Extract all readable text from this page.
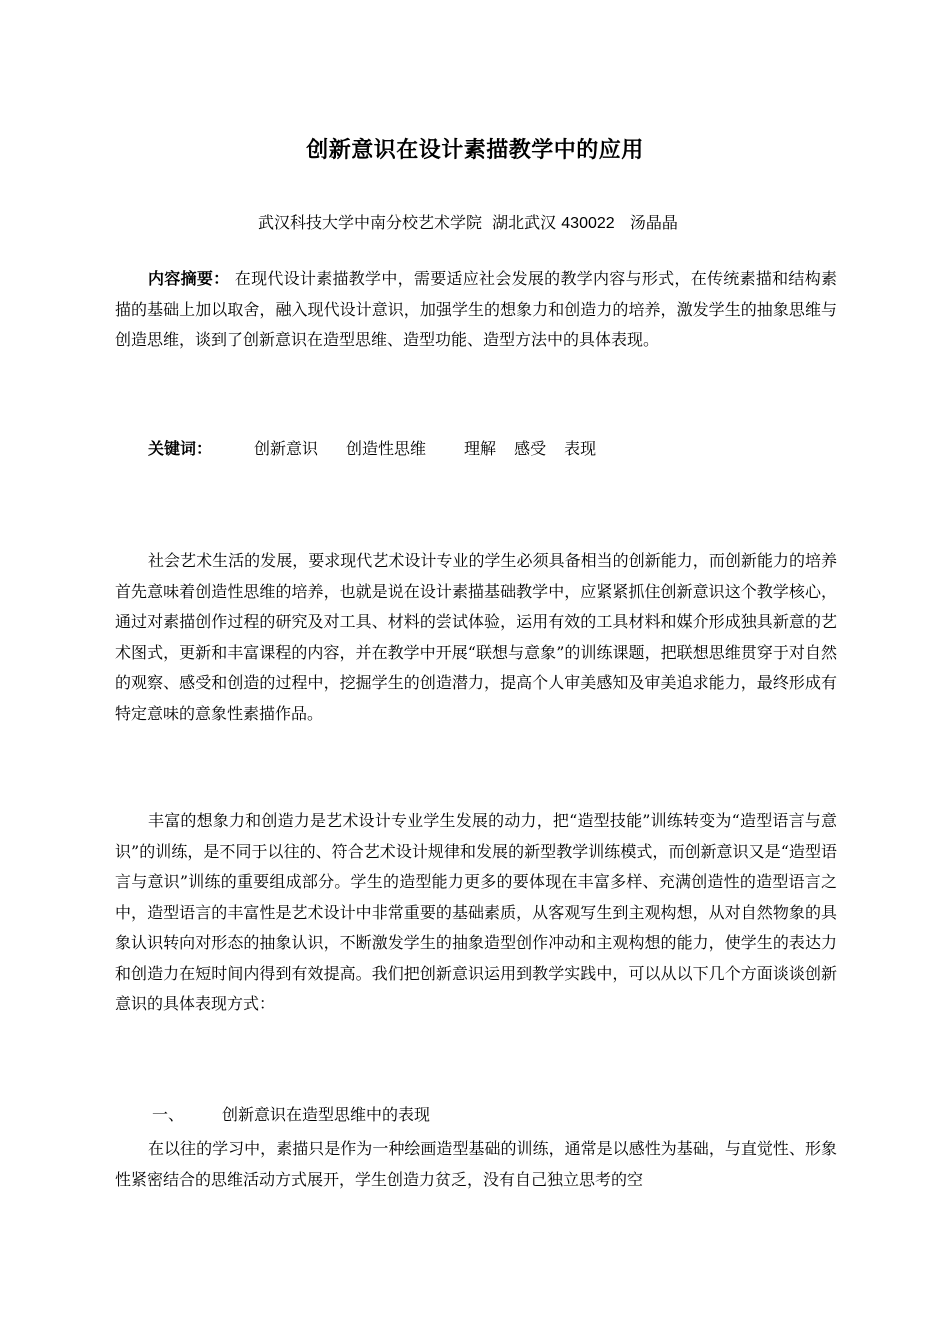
创新意识在设计素描教学中的应用
武汉科技大学中南分校艺术学院  湖北武汉 430022   汤晶晶
内容摘要： 在现代设计素描教学中，需要适应社会发展的教学内容与形式，在传统素描和结构素描的基础上加以取舍，融入现代设计意识，加强学生的想象力和创造力的培养，激发学生的抽象思维与创造思维，谈到了创新意识在造型思维、造型功能、造型方法中的具体表现。
关键词：	创新意识 创造性思维 理解 感受 表现

社会艺术生活的发展，要求现代艺术设计专业的学生必须具备相当的创新能力，而创新能力的培养首先意味着创造性思维的培养，也就是说在设计素描基础教学中，应紧紧抓住创新意识这个教学核心，通过对素描创作过程的研究及对工具、材料的尝试体验，运用有效的工具材料和媒介形成独具新意的艺术图式，更新和丰富课程的内容，并在教学中开展“联想与意象”的训练课题，把联想思维贯穿于对自然的观察、感受和创造的过程中，挖掘学生的创造潜力，提高个人审美感知及审美追求能力，最终形成有特定意味的意象性素描作品。

丰富的想象力和创造力是艺术设计专业学生发展的动力，把“造型技能”训练转变为“造型语言与意识”的训练，是不同于以往的、符合艺术设计规律和发展的新型教学训练模式，而创新意识又是“造型语言与意识”训练的重要组成部分。学生的造型能力更多的要体现在丰富多样、充满创造性的造型语言之中，造型语言的丰富性是艺术设计中非常重要的基础素质，从客观写生到主观构想，从对自然物象的具象认识转向对形态的抽象认识，不断激发学生的抽象造型创作冲动和主观构想的能力，使学生的表达力和创造力在短时间内得到有效提高。我们把创新意识运用到教学实践中，可以从以下几个方面谈谈创新意识的具体表现方式：

一、 创新意识在造型思维中的表现

在以往的学习中，素描只是作为一种绘画造型基础的训练，通常是以感性为基础，与直觉性、形象性紧密结合的思维活动方式展开，学生创造力贫乏，没有自己独立思考的空
